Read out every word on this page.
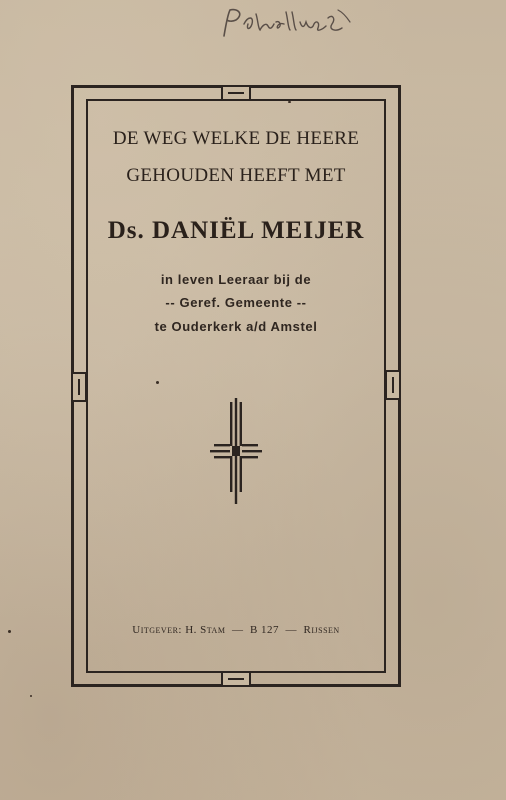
DE WEG WELKE DE HEERE
GEHOUDEN HEEFT MET
Ds. DANIËL MEIJER
in leven Leeraar bij de
-- Geref. Gemeente --
te Ouderkerk a/d Amstel
Uitgever: H. Stam — B 127 — Rijssen
